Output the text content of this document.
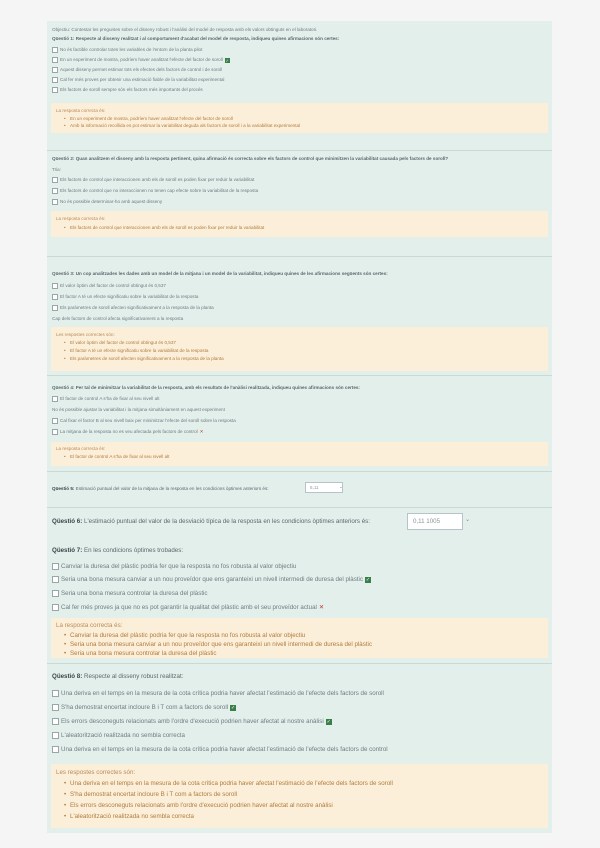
Objectiu: Contestar les preguntes sobre el disseny robust i l'anàlisi del model de resposta amb els valors obtinguts en el laboratori.
Qüestió 1: Respecte al disseny realitzat i al comportament d'acabat del model de resposta, indiqueu quines afirmacions són certes:
No és factible controlar totes les variables de l'entorn de la planta pilot
En un experiment de mostra, podríem haver analitzat l'efecte del factor de soroll ✓
Aquest disseny permet estimar tots els efectes dels factors de control i de soroll
Cal fer més proves per obtenir una estimació fiable de la variabilitat experimental
Els factors de soroll sempre són els factors més importants del procés
La resposta correcta és:
• En un experiment de mostra, podríem haver analitzat l'efecte del factor de soroll
• Amb la informació recollida es pot estimar la variabilitat deguda als factors de soroll i a la variabilitat experimental
Qüestió 2: Quan analitzem el disseny amb la resposta pertinent, quina afirmació és correcta sobre els factors de control que minimitzen la variabilitat causada pels factors de soroll?
Tria:
Els factors de control que interaccionen amb els de soroll es poden fixar per reduir la variabilitat
Els factors de control que no interaccionen no tenen cap efecte sobre la variabilitat de la resposta
No és possible determinar-ho amb aquest disseny
La resposta correcta és:
• Els factors de control que interaccionen amb els de soroll es poden fixar per reduir la variabilitat
Qüestió 3: Un cop analitzades les dades amb un model de la mitjana i un model de la variabilitat, indiqueu quines de les afirmacions següents són certes:
El valor òptim del factor de control obtingut és 0,537
El factor A té un efecte significatiu sobre la variabilitat de la resposta
Els paràmetres de soroll afecten significativament a la resposta de la planta
Cap dels factors de control afecta significativament a la resposta
Les respostes correctes són:
• El valor òptim del factor de control obtingut és 0,537
• El factor A té un efecte significatiu sobre la variabilitat de la resposta
• Els paràmetres de soroll afecten significativament a la resposta de la planta
Qüestió 4: Per tal de minimitzar la variabilitat de la resposta, amb els resultats de l'anàlisi realitzada, indiqueu quines afirmacions són certes:
El factor de control A s'ha de fixar al seu nivell alt
No és possible ajustar la variabilitat i la mitjana simultàniament en aquest experiment
Cal fixar el factor B al seu nivell baix per minimitzar l'efecte del soroll sobre la resposta
La mitjana de la resposta no es veu afectada pels factors de control ✕
La resposta correcta és:
• El factor de control A s'ha de fixar al seu nivell alt
Qüestió 5: Estimació puntual del valor de la mitjana de la resposta en les condicions òptimes anteriors és:	5,11	⌄
Qüestió 6: L'estimació puntual del valor de la desviació típica de la resposta en les condicions òptimes anteriors és:	0,11 1005	⌄
Qüestió 7: En les condicions òptimes trobades:
Canviar la duresa del plàstic podria fer que la resposta no fos robusta al valor objectiu
Seria una bona mesura canviar a un nou proveïdor que ens garanteixi un nivell intermedi de duresa del plàstic ✓
Seria una bona mesura controlar la duresa del plàstic
Cal fer més proves ja que no es pot garantir la qualitat del plàstic amb el seu proveïdor actual ✕
La resposta correcta és:
• Canviar la duresa del plàstic podria fer que la resposta no fos robusta al valor objectiu
• Seria una bona mesura canviar a un nou proveïdor que ens garanteixi un nivell intermedi de duresa del plàstic
• Seria una bona mesura controlar la duresa del plàstic
Qüestió 8: Respecte al disseny robust realitzat:
Una deriva en el temps en la mesura de la cota crítica podria haver afectat l'estimació de l'efecte dels factors de soroll
S'ha demostrat encertat incloure B i T com a factors de soroll ✓
Els errors desconeguts relacionats amb l'ordre d'execució podrien haver afectat al nostre anàlisi ✓
L'aleatorització realitzada no sembla correcta
Una deriva en el temps en la mesura de la cota crítica podria haver afectat l'estimació de l'efecte dels factors de control
Les respostes correctes són:
• Una deriva en el temps en la mesura de la cota crítica podria haver afectat l'estimació de l'efecte dels factors de soroll
• S'ha demostrat encertat incloure B i T com a factors de soroll
• Els errors desconeguts relacionats amb l'ordre d'execució podrien haver afectat al nostre anàlisi
• L'aleatorització realitzada no sembla correcta
